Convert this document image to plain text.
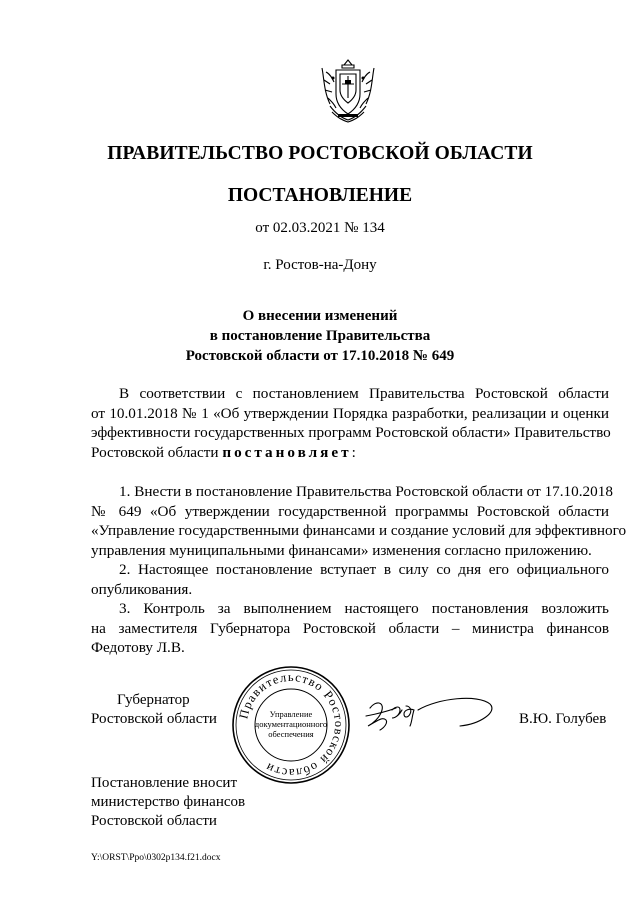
ПРАВИТЕЛЬСТВО РОСТОВСКОЙ ОБЛАСТИ
ПОСТАНОВЛЕНИЕ
от 02.03.2021 № 134
г. Ростов-на-Дону
О внесении изменений
в постановление Правительства
Ростовской области от 17.10.2018 № 649
В соответствии с постановлением Правительства Ростовской области
от 10.01.2018 № 1 «Об утверждении Порядка разработки, реализации и оценки
эффективности государственных программ Ростовской области» Правительство
Ростовской области постановляет:
1. Внести в постановление Правительства Ростовской области от 17.10.2018
№ 649 «Об утверждении государственной программы Ростовской области
«Управление государственными финансами и создание условий для эффективного
управления муниципальными финансами» изменения согласно приложению.
2. Настоящее постановление вступает в силу со дня его официального
опубликования.
3. Контроль за выполнением настоящего постановления возложить
на заместителя Губернатора Ростовской области – министра финансов
Федотову Л.В.
Губернатор
Ростовской области Правительство Ростовской области
Управление
документационного
обеспечения
В.Ю. Голубев
Постановление вносит
министерство финансов
Ростовской области
Y:\ORST\Ppo\0302p134.f21.docx
